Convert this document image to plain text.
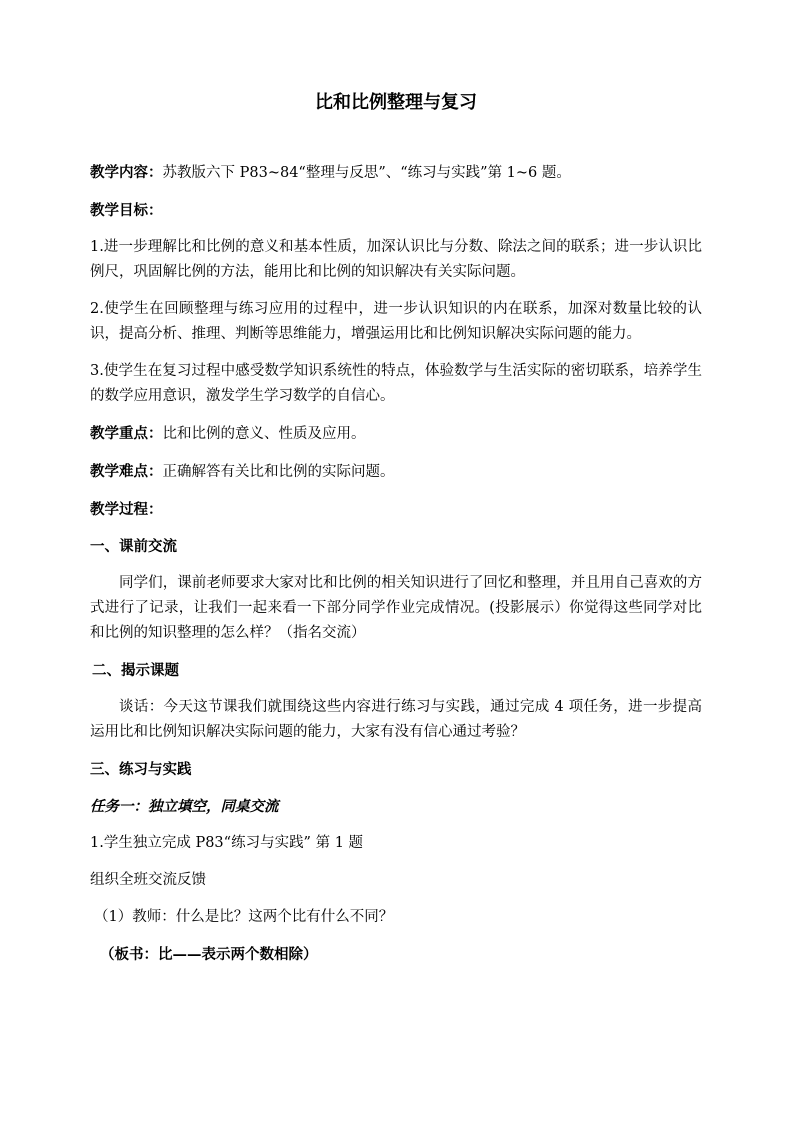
比和比例整理与复习

教学内容：苏教版六下 P83~84“整理与反思”、“练习与实践”第 1~6 题。

教学目标：

1.进一步理解比和比例的意义和基本性质，加深认识比与分数、除法之间的联系；进一步认识比例尺，巩固解比例的方法，能用比和比例的知识解决有关实际问题。

2.使学生在回顾整理与练习应用的过程中，进一步认识知识的内在联系，加深对数量比较的认识，提高分析、推理、判断等思维能力，增强运用比和比例知识解决实际问题的能力。

3.使学生在复习过程中感受数学知识系统性的特点，体验数学与生活实际的密切联系，培养学生的数学应用意识，激发学生学习数学的自信心。

教学重点：比和比例的意义、性质及应用。

教学难点：正确解答有关比和比例的实际问题。

教学过程：

一、课前交流

同学们，课前老师要求大家对比和比例的相关知识进行了回忆和整理，并且用自己喜欢的方式进行了记录，让我们一起来看一下部分同学作业完成情况。(投影展示）你觉得这些同学对比和比例的知识整理的怎么样？（指名交流）

二、揭示课题

谈话：今天这节课我们就围绕这些内容进行练习与实践，通过完成 4 项任务，进一步提高运用比和比例知识解决实际问题的能力，大家有没有信心通过考验？

三、练习与实践

任务一：独立填空，同桌交流

1.学生独立完成 P83“练习与实践” 第 1 题

组织全班交流反馈

（1）教师：什么是比？这两个比有什么不同？

（板书：比——表示两个数相除）
